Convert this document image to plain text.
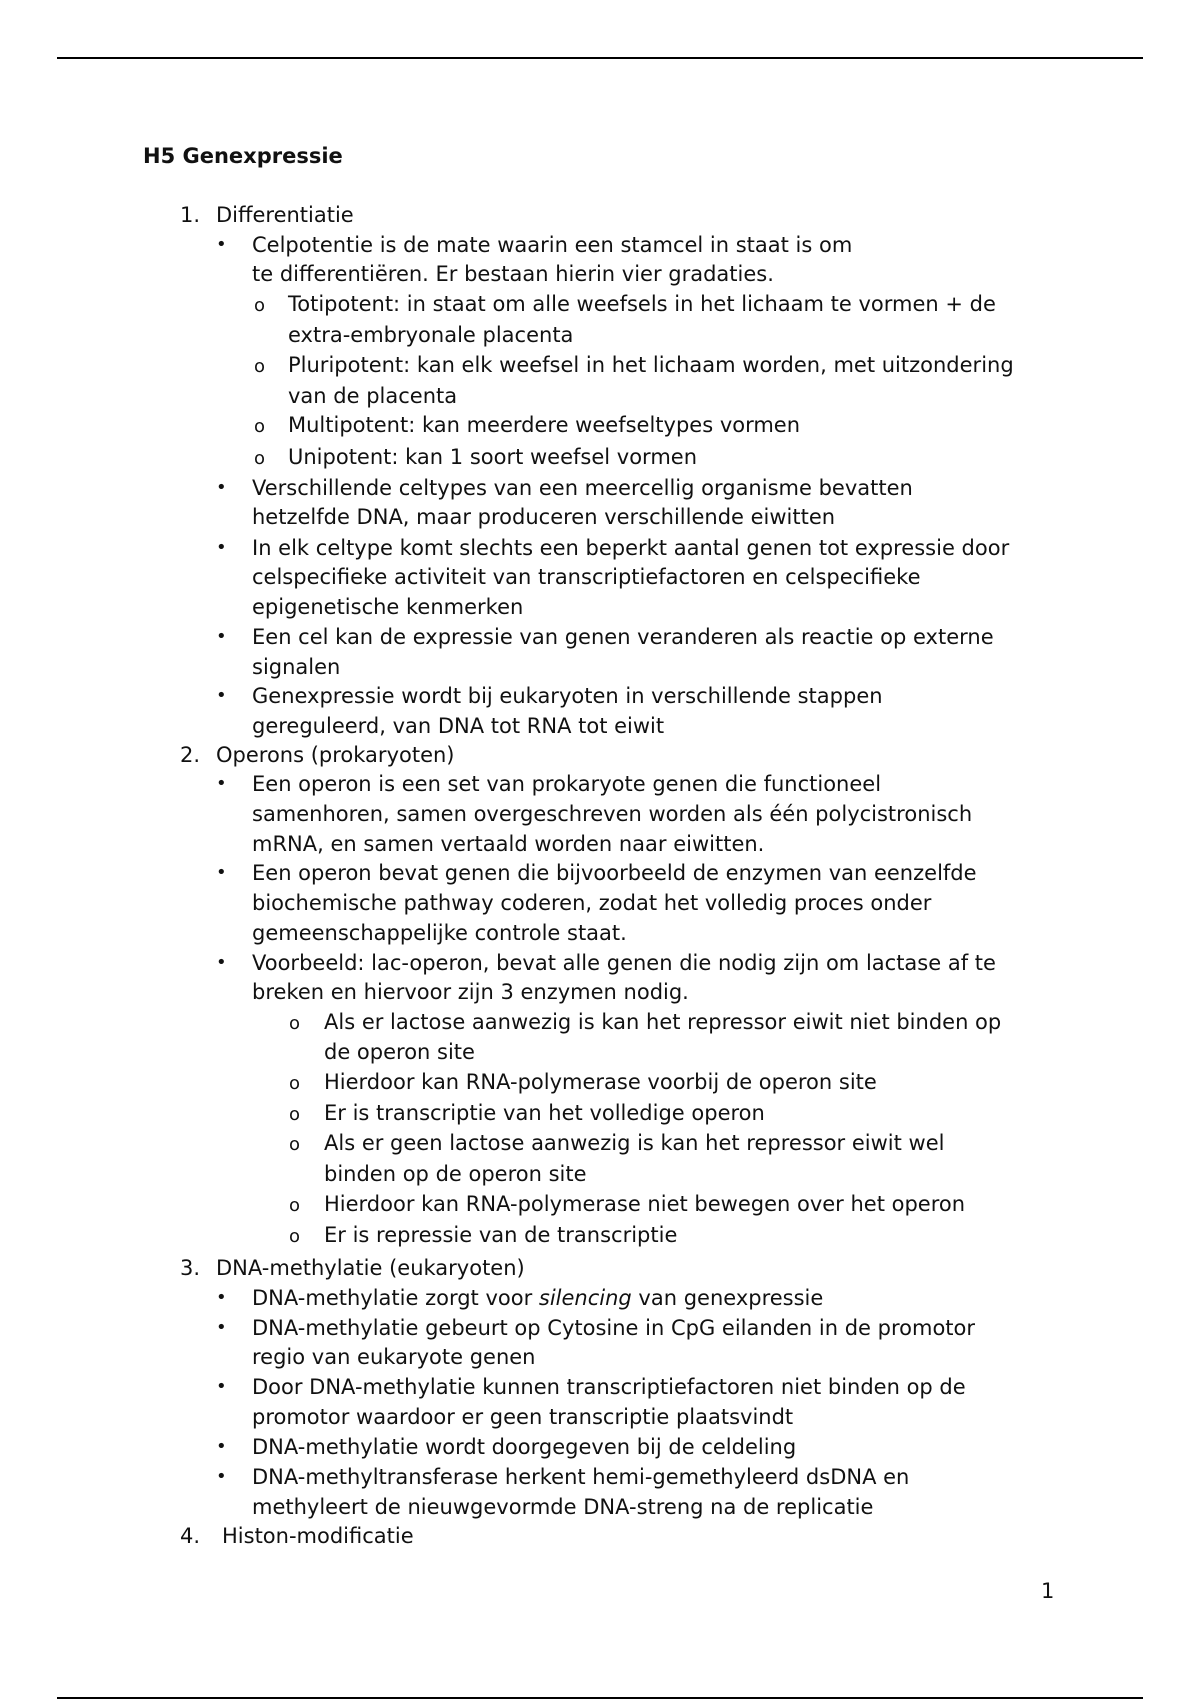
H5 Genexpressie
1. Differentiatie
• Celpotentie is de mate waarin een stamcel in staat is om
te differentiëren. Er bestaan hierin vier gradaties.
o Totipotent: in staat om alle weefsels in het lichaam te vormen + de
extra-embryonale placenta
o Pluripotent: kan elk weefsel in het lichaam worden, met uitzondering
van de placenta
o Multipotent: kan meerdere weefseltypes vormen
o Unipotent: kan 1 soort weefsel vormen
• Verschillende celtypes van een meercellig organisme bevatten
hetzelfde DNA, maar produceren verschillende eiwitten
• In elk celtype komt slechts een beperkt aantal genen tot expressie door
celspecifieke activiteit van transcriptiefactoren en celspecifieke
epigenetische kenmerken
• Een cel kan de expressie van genen veranderen als reactie op externe
signalen
• Genexpressie wordt bij eukaryoten in verschillende stappen
gereguleerd, van DNA tot RNA tot eiwit
2. Operons (prokaryoten)
• Een operon is een set van prokaryote genen die functioneel
samenhoren, samen overgeschreven worden als één polycistronisch
mRNA, en samen vertaald worden naar eiwitten.
• Een operon bevat genen die bijvoorbeeld de enzymen van eenzelfde
biochemische pathway coderen, zodat het volledig proces onder
gemeenschappelijke controle staat.
• Voorbeeld: lac-operon, bevat alle genen die nodig zijn om lactase af te
breken en hiervoor zijn 3 enzymen nodig.
o Als er lactose aanwezig is kan het repressor eiwit niet binden op
de operon site
o Hierdoor kan RNA-polymerase voorbij de operon site
o Er is transcriptie van het volledige operon
o Als er geen lactose aanwezig is kan het repressor eiwit wel
binden op de operon site
o Hierdoor kan RNA-polymerase niet bewegen over het operon
o Er is repressie van de transcriptie
3. DNA-methylatie (eukaryoten)
• DNA-methylatie zorgt voor silencing van genexpressie
• DNA-methylatie gebeurt op Cytosine in CpG eilanden in de promotor
regio van eukaryote genen
• Door DNA-methylatie kunnen transcriptiefactoren niet binden op de
promotor waardoor er geen transcriptie plaatsvindt
• DNA-methylatie wordt doorgegeven bij de celdeling
• DNA-methyltransferase herkent hemi-gemethyleerd dsDNA en
methyleert de nieuwgevormde DNA-streng na de replicatie
4. Histon-modificatie
1
